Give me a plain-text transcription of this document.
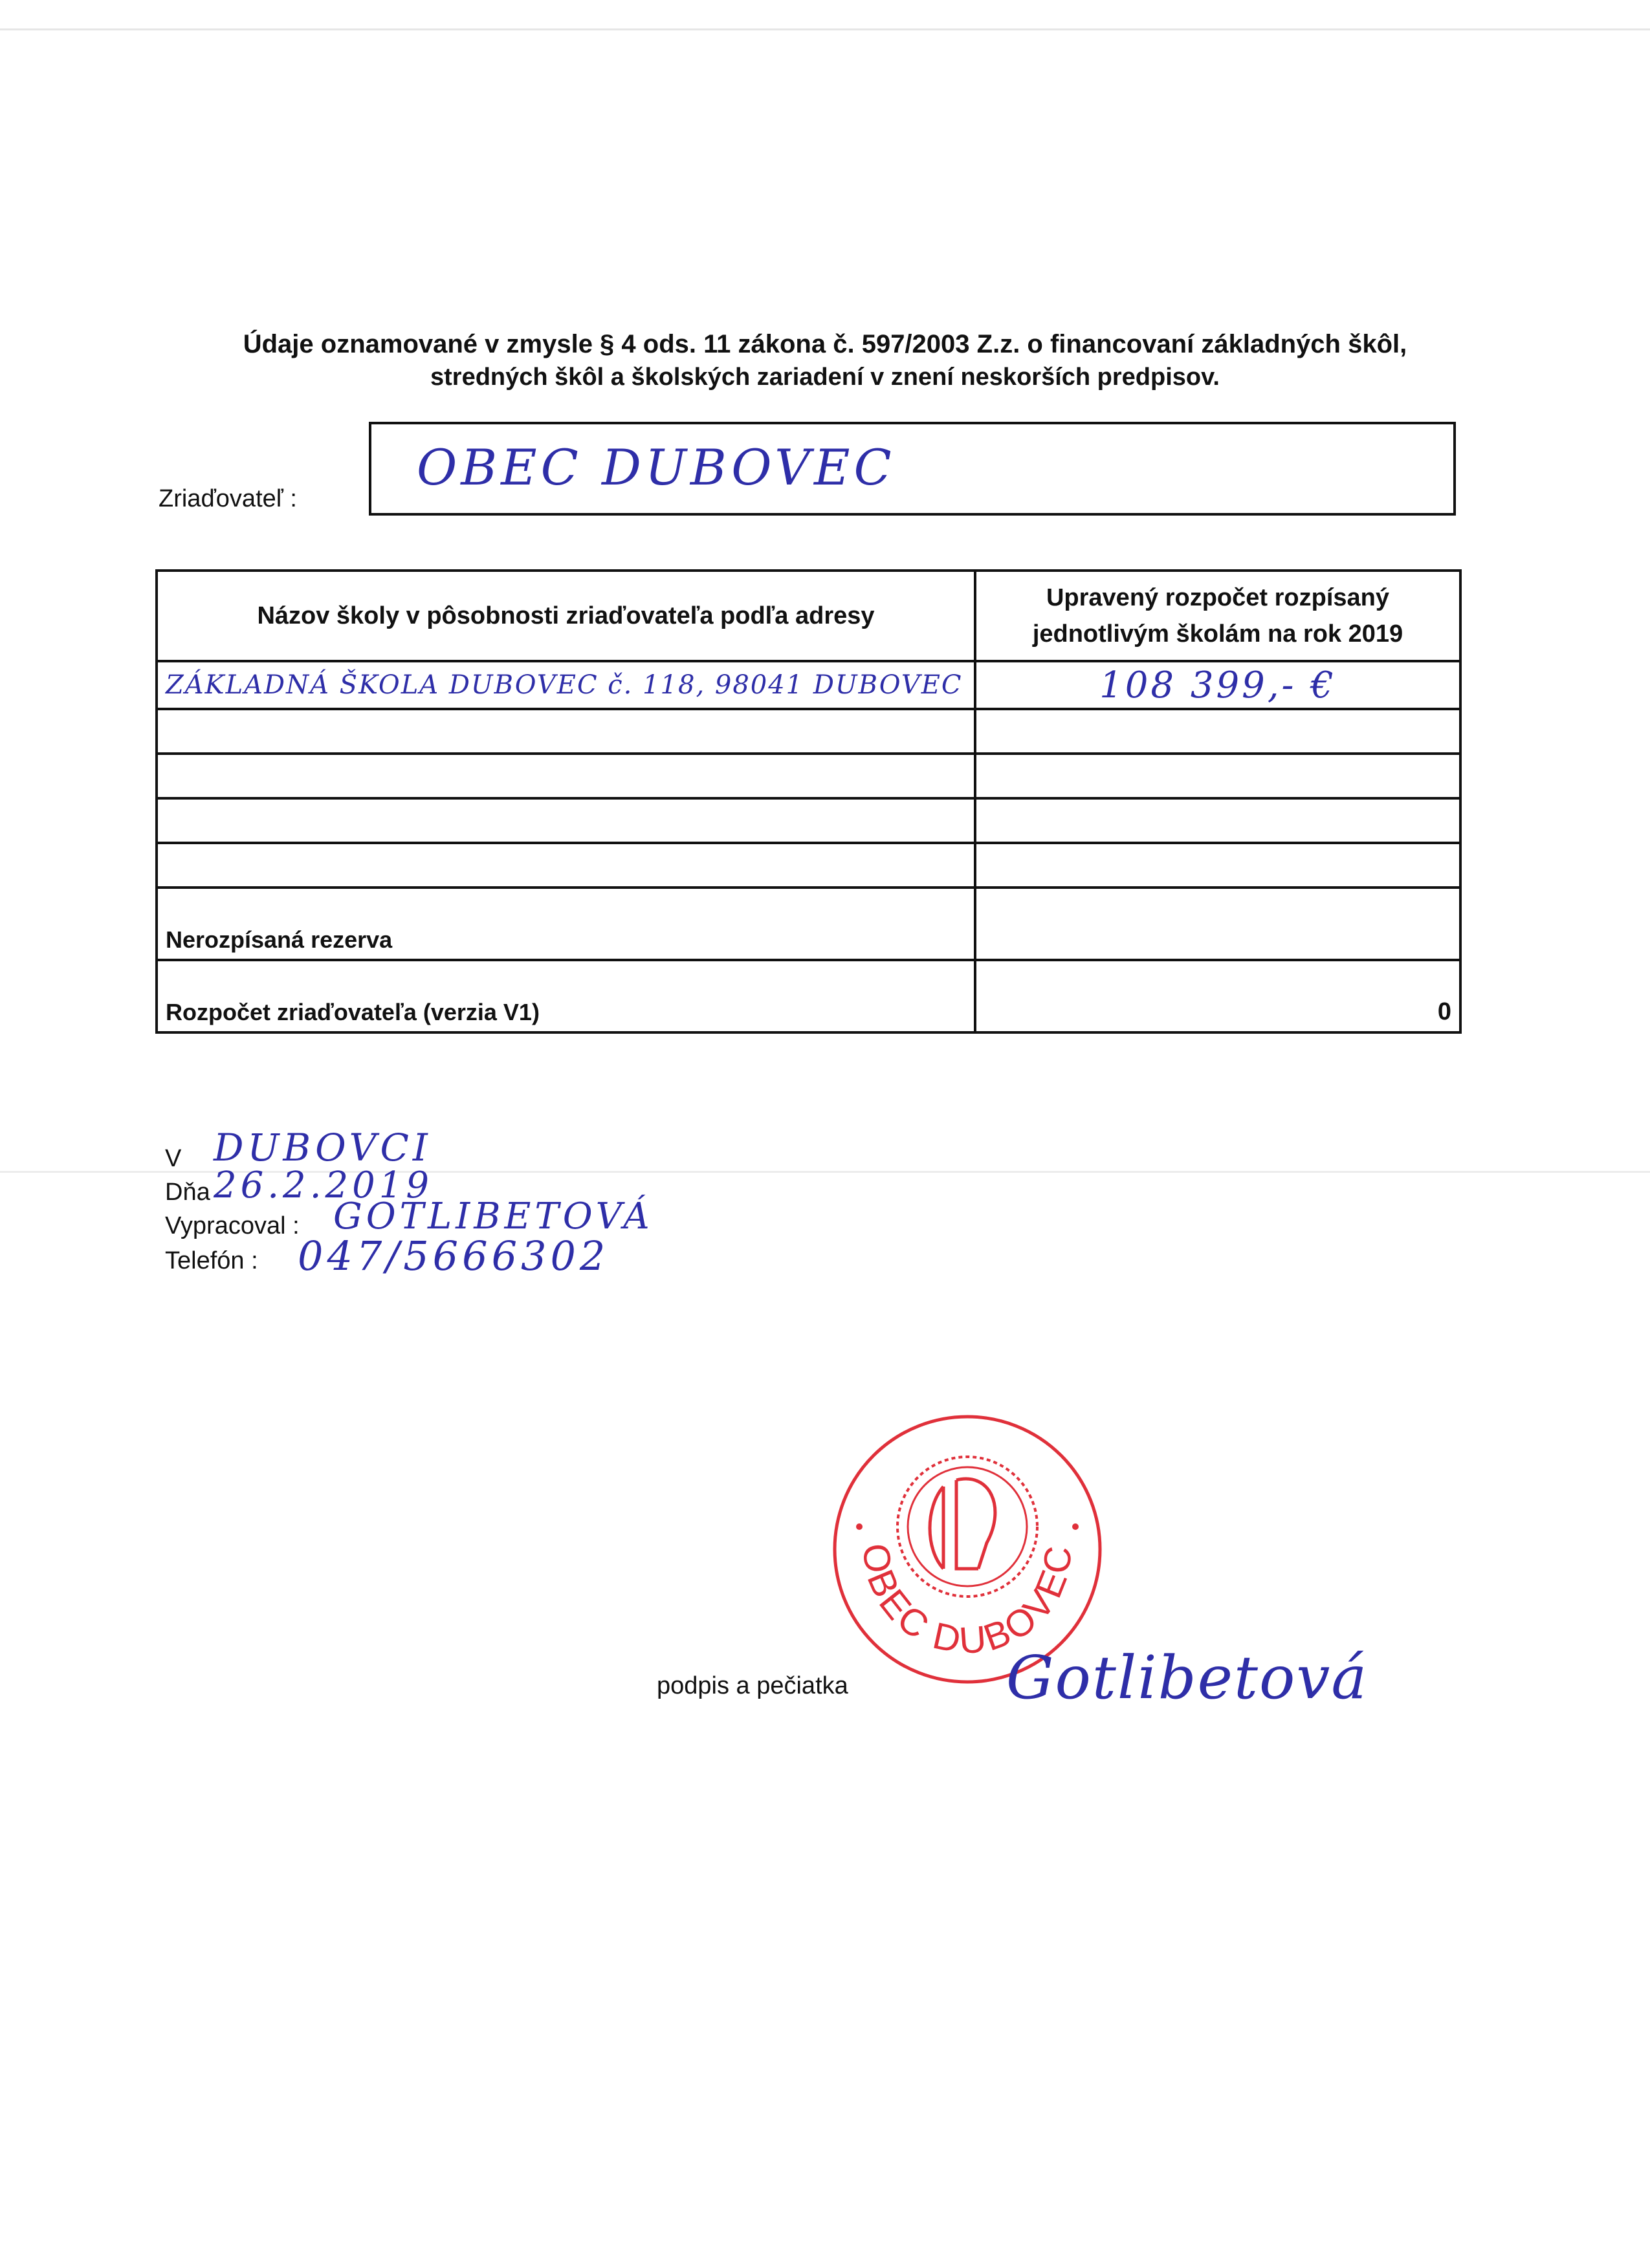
Údaje oznamované v zmysle § 4 ods. 11 zákona č. 597/2003 Z.z. o financovaní základných škôl,
stredných škôl a školských zariadení v znení neskorších predpisov.
Zriaďovateľ :
OBEC DUBOVEC
Názov školy v pôsobnosti zriaďovateľa podľa adresy	Upravený rozpočet rozpísaný jednotlivým školám na rok 2019
ZÁKLADNÁ ŠKOLA DUBOVEC č. 118, 98041 DUBOVEC	108 399,- €

Nerozpísaná rezerva	
Rozpočet zriaďovateľa (verzia V1)	0
V DUBOVCI
Dňa 26.2.2019
Vypracoval : GOTLIBETOVÁ
Telefón : 047/5666302
OBEC DUBOVEC
podpis a pečiatka	Gotlibetová
